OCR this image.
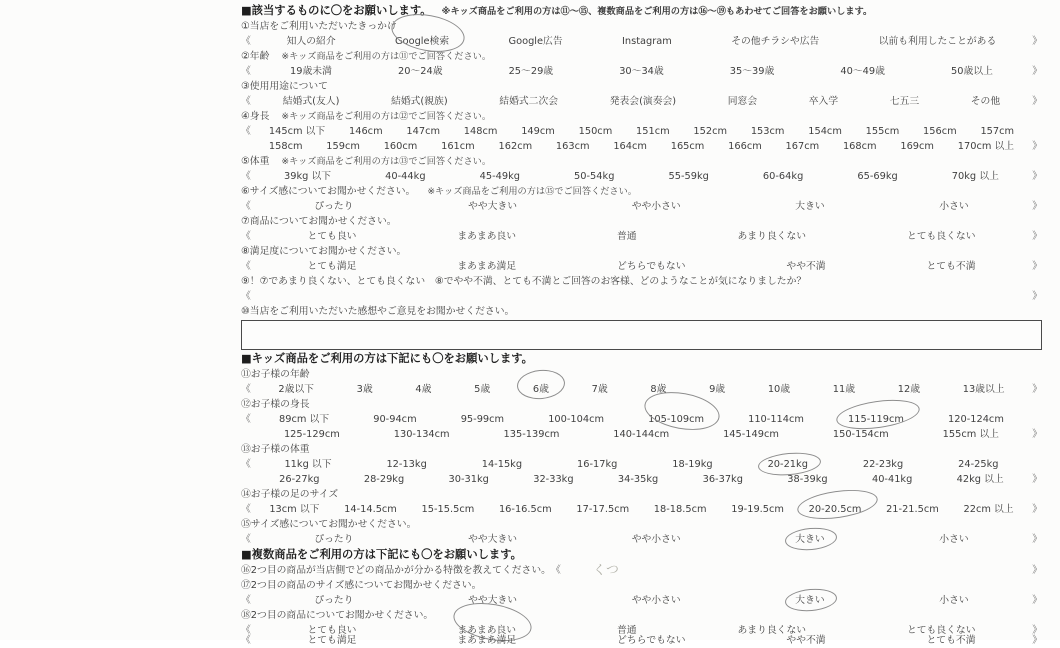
■該当するものに〇をお願いします。 ※キッズ商品をご利用の方は⑪～⑮、複数商品をご利用の方は⑯～⑲もあわせてご回答をお願いします。
①当店をご利用いただいたきっかけ
《	知人の紹介	Google検索	Google広告	Instagram	その他チラシや広告	以前も利用したことがある	》
②年齢 ※キッズ商品をご利用の方は⑪でご回答ください。
《	19歳未満	20～24歳	25～29歳	30～34歳	35～39歳	40～49歳	50歳以上	》
③使用用途について
《	結婚式(友人)	結婚式(親族)	結婚式二次会	発表会(演奏会)	同窓会	卒入学	七五三	その他	》
④身長 ※キッズ商品をご利用の方は⑫でご回答ください。
《	145cm 以下 146cm 147cm 148cm 149cm 150cm 151cm 152cm 153cm 154cm 155cm 156cm 157cm
158cm 159cm 160cm 161cm 162cm 163cm 164cm 165cm 166cm 167cm 168cm 169cm 170cm 以上	》
⑤体重 ※キッズ商品をご利用の方は⑬でご回答ください。
《	39kg 以下	40-44kg	45-49kg	50-54kg	55-59kg	60-64kg	65-69kg	70kg 以上	》
⑥サイズ感についてお聞かせください。 ※キッズ商品をご利用の方は⑮でご回答ください。
《	ぴったり	やや大きい	やや小さい	大きい	小さい	》
⑦商品についてお聞かせください。
《	とても良い	まあまあ良い	普通	あまり良くない	とても良くない	》
⑧満足度についてお聞かせください。
《	とても満足	まあまあ満足	どちらでもない	やや不満	とても不満	》
⑨！⑦であまり良くない、とても良くない　⑧でやや不満、とても不満とご回答のお客様、どのようなことが気になりましたか？
《	》
⑩当店をご利用いただいた感想やご意見をお聞かせください。
■キッズ商品をご利用の方は下記にも〇をお願いします。
⑪お子様の年齢
《	2歳以下	3歳	4歳	5歳	6歳	7歳	8歳	9歳	10歳	11歳	12歳	13歳以上	》
⑫お子様の身長
《	89cm 以下	90-94cm	95-99cm	100-104cm	105-109cm	110-114cm	115-119cm	120-124cm
125-129cm	130-134cm	135-139cm	140-144cm	145-149cm	150-154cm	155cm 以上	》
⑬お子様の体重
《	11kg 以下	12-13kg	14-15kg	16-17kg	18-19kg	20-21kg	22-23kg	24-25kg
26-27kg	28-29kg	30-31kg	32-33kg	34-35kg	36-37kg	38-39kg	40-41kg	42kg 以上	》
⑭お子様の足のサイズ
《	13cm 以下	14-14.5cm	15-15.5cm	16-16.5cm	17-17.5cm	18-18.5cm	19-19.5cm	20-20.5cm	21-21.5cm	22cm 以上	》
⑮サイズ感についてお聞かせください。
《	ぴったり	やや大きい	やや小さい	大きい	小さい	》
■複数商品をご利用の方は下記にも〇をお願いします。
⑯2つ目の商品が当店側でどの商品かが分かる特徴を教えてください。 《	くつ	》
⑰2つ目の商品のサイズ感についてお聞かせください。
《	ぴったり	やや大きい	やや小さい	大きい	小さい	》
⑱2つ目の商品についてお聞かせください。
《	とても良い	まあまあ良い	普通	あまり良くない	とても良くない	》
《	とても満足	まあまあ満足	どちらでもない	やや不満	とても不満	》
